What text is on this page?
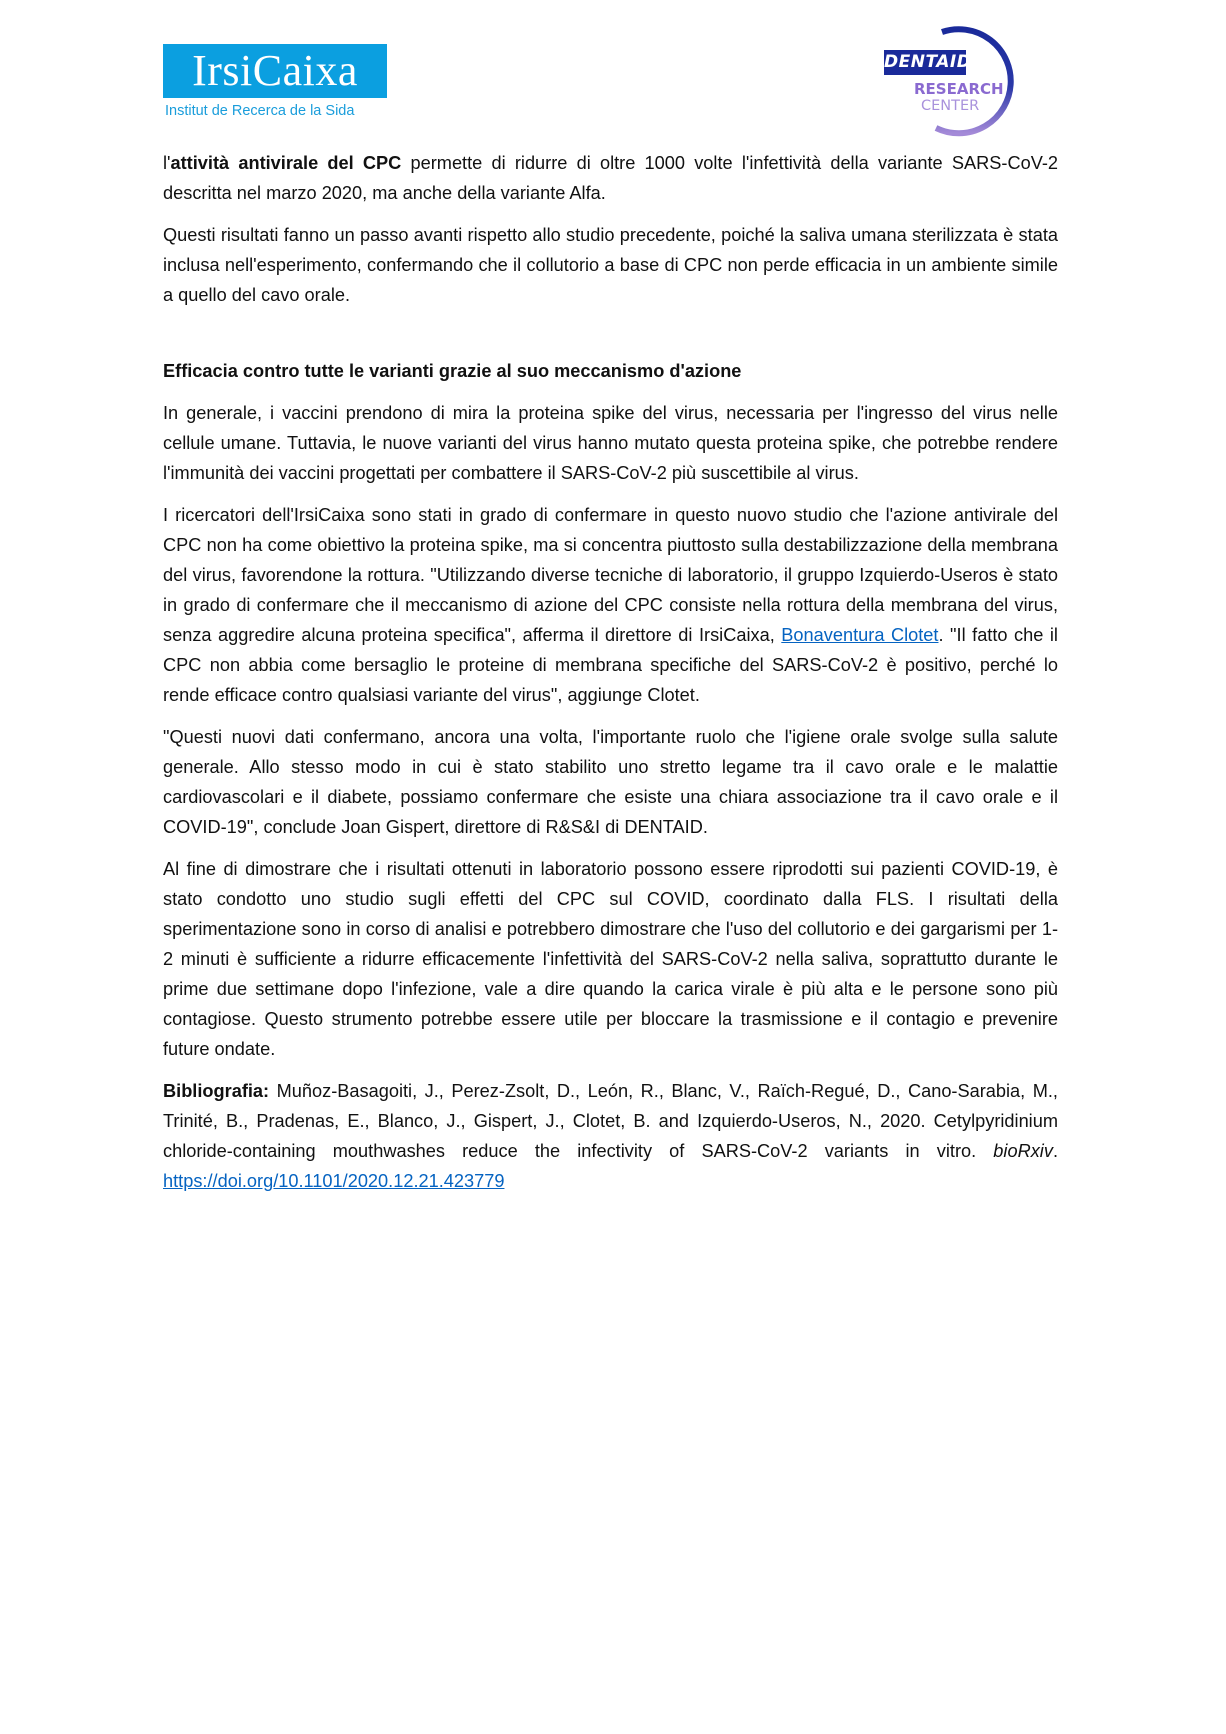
IrsiCaixa
Institut de Recerca de la Sida
DENTAID
RESEARCH
CENTER

l'attività antivirale del CPC permette di ridurre di oltre 1000 volte l'infettività della variante SARS-CoV-2 descritta nel marzo 2020, ma anche della variante Alfa.

Questi risultati fanno un passo avanti rispetto allo studio precedente, poiché la saliva umana sterilizzata è stata inclusa nell'esperimento, confermando che il collutorio a base di CPC non perde efficacia in un ambiente simile a quello del cavo orale.

Efficacia contro tutte le varianti grazie al suo meccanismo d'azione

In generale, i vaccini prendono di mira la proteina spike del virus, necessaria per l'ingresso del virus nelle cellule umane. Tuttavia, le nuove varianti del virus hanno mutato questa proteina spike, che potrebbe rendere l'immunità dei vaccini progettati per combattere il SARS-CoV-2 più suscettibile al virus.

I ricercatori dell'IrsiCaixa sono stati in grado di confermare in questo nuovo studio che l'azione antivirale del CPC non ha come obiettivo la proteina spike, ma si concentra piuttosto sulla destabilizzazione della membrana del virus, favorendone la rottura. "Utilizzando diverse tecniche di laboratorio, il gruppo Izquierdo-Useros è stato in grado di confermare che il meccanismo di azione del CPC consiste nella rottura della membrana del virus, senza aggredire alcuna proteina specifica", afferma il direttore di IrsiCaixa, Bonaventura Clotet. "Il fatto che il CPC non abbia come bersaglio le proteine di membrana specifiche del SARS-CoV-2 è positivo, perché lo rende efficace contro qualsiasi variante del virus", aggiunge Clotet.

"Questi nuovi dati confermano, ancora una volta, l'importante ruolo che l'igiene orale svolge sulla salute generale. Allo stesso modo in cui è stato stabilito uno stretto legame tra il cavo orale e le malattie cardiovascolari e il diabete, possiamo confermare che esiste una chiara associazione tra il cavo orale e il COVID-19", conclude Joan Gispert, direttore di R&S&I di DENTAID.

Al fine di dimostrare che i risultati ottenuti in laboratorio possono essere riprodotti sui pazienti COVID-19, è stato condotto uno studio sugli effetti del CPC sul COVID, coordinato dalla FLS. I risultati della sperimentazione sono in corso di analisi e potrebbero dimostrare che l'uso del collutorio e dei gargarismi per 1-2 minuti è sufficiente a ridurre efficacemente l'infettività del SARS-CoV-2 nella saliva, soprattutto durante le prime due settimane dopo l'infezione, vale a dire quando la carica virale è più alta e le persone sono più contagiose. Questo strumento potrebbe essere utile per bloccare la trasmissione e il contagio e prevenire future ondate.

Bibliografia: Muñoz-Basagoiti, J., Perez-Zsolt, D., León, R., Blanc, V., Raïch-Regué, D., Cano-Sarabia, M., Trinité, B., Pradenas, E., Blanco, J., Gispert, J., Clotet, B. and Izquierdo-Useros, N., 2020. Cetylpyridinium chloride-containing mouthwashes reduce the infectivity of SARS-CoV-2 variants in vitro. bioRxiv. https://doi.org/10.1101/2020.12.21.423779
